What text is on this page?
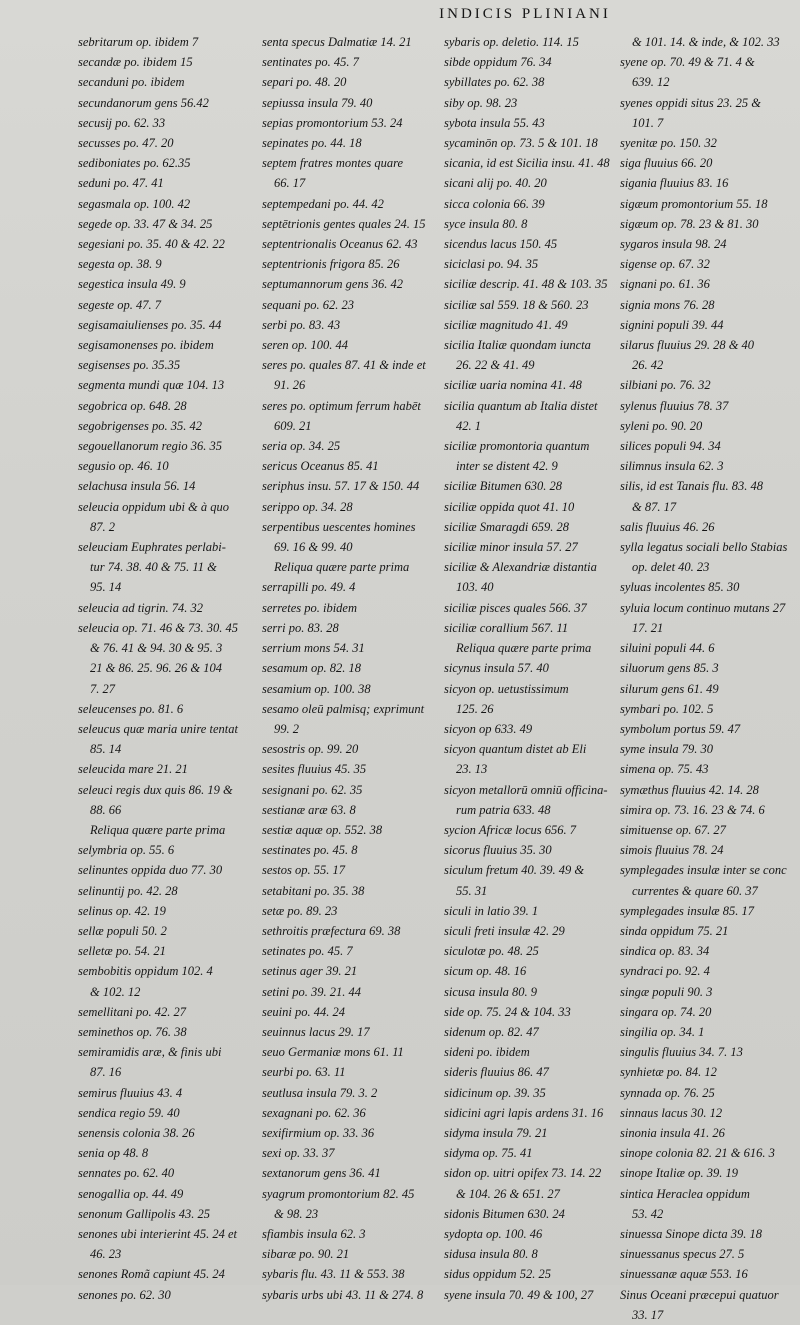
INDICIS PLINIANI
sebritarum op. ibidem 7
secandæ po. ibidem 15
secanduni po. ibidem
secundanorum gens 56.42
secusij po. 62. 33
secusses po. 47. 20
sediboniates po. 62.35
seduni po. 47. 41
segasmala op. 100. 42
segede op. 33. 47 & 34. 25
segesiani po. 35. 40 & 42. 22
segesta op. 38. 9
segestica insula 49. 9
segeste op. 47. 7
segisamaiulienses po. 35. 44
segisamonenses po. ibidem
segisenses po. 35.35
segmenta mundi quæ 104. 13
segobrica op. 648. 28
segobrigenses po. 35. 42
segouellanorum regio 36. 35
segusio op. 46. 10
selachusa insula 56. 14
seleucia oppidum ubi & à quo
87. 2
seleuciam Euphrates perlabi-
tur 74. 38. 40 & 75. 11 &
95. 14
seleucia ad tigrin. 74. 32
seleucia op. 71. 46 & 73. 30. 45
& 76. 41 & 94. 30 & 95. 3
21 & 86. 25. 96. 26 & 104
7. 27
seleucenses po. 81. 6
seleucus quæ maria unire tentat
85. 14
seleucida mare 21. 21
seleuci regis dux quis 86. 19 &
88. 66
Reliqua quære parte prima
selymbria op. 55. 6
selinuntes oppida duo 77. 30
selinuntij po. 42. 28
selinus op. 42. 19
sellæ populi 50. 2
selletæ po. 54. 21
sembobitis oppidum 102. 4
& 102. 12
semellitani po. 42. 27
seminethos op. 76. 38
semiramidis aræ, & finis ubi
87. 16
semirus fluuius 43. 4
sendica regio 59. 40
senensis colonia 38. 26
senia op 48. 8
sennates po. 62. 40
senogallia op. 44. 49
senonum Gallipolis 43. 25
senones ubi interierint 45. 24 et
46. 23
senones Romã capiunt 45. 24
senones po. 62. 30
senta specus Dalmatiæ 14. 21
sentinates po. 45. 7
separi po. 48. 20
sepiussa insula 79. 40
sepias promontorium 53. 24
sepinates po. 44. 18
septem fratres montes quare
66. 17
septempedani po. 44. 42
septētrionis gentes quales 24. 15
septentrionalis Oceanus 62. 43
septentrionis frigora 85. 26
septumannorum gens 36. 42
sequani po. 62. 23
serbi po. 83. 43
seren op. 100. 44
seres po. quales 87. 41 & inde et
91. 26
seres po. optimum ferrum habēt
609. 21
seria op. 34. 25
sericus Oceanus 85. 41
seriphus insu. 57. 17 & 150. 44
serippo op. 34. 28
serpentibus uescentes homines
69. 16 & 99. 40
Reliqua quære parte prima
serrapilli po. 49. 4
serretes po. ibidem
serri po. 83. 28
serrium mons 54. 31
sesamum op. 82. 18
sesamium op. 100. 38
sesamo oleū palmisq; exprimunt
99. 2
sesostris op. 99. 20
sesites fluuius 45. 35
sesignani po. 62. 35
sestianæ aræ 63. 8
sestiæ aquæ op. 552. 38
sestinates po. 45. 8
sestos op. 55. 17
setabitani po. 35. 38
setæ po. 89. 23
sethroitis præfectura 69. 38
setinates po. 45. 7
setinus ager 39. 21
setini po. 39. 21. 44
seuini po. 44. 24
seuinnus lacus 29. 17
seuo Germaniæ mons 61. 11
seurbi po. 63. 11
seutlusa insula 79. 3. 2
sexagnani po. 62. 36
sexifirmium op. 33. 36
sexi op. 33. 37
sextanorum gens 36. 41
syagrum promontorium 82. 45
& 98. 23
sfiambis insula 62. 3
sibaræ po. 90. 21
sybaris flu. 43. 11 & 553. 38
sybaris urbs ubi 43. 11 & 274. 8
sybaris op. deletio. 114. 15
sibde oppidum 76. 34
sybillates po. 62. 38
siby op. 98. 23
sybota insula 55. 43
sycaminōn op. 73. 5 & 101. 18
sicania, id est Sicilia insu. 41. 48
sicani alij po. 40. 20
sicca colonia 66. 39
syce insula 80. 8
sicendus lacus 150. 45
siciclasi po. 94. 35
siciliæ descrip. 41. 48 & 103. 35
siciliæ sal 559. 18 & 560. 23
siciliæ magnitudo 41. 49
sicilia Italiæ quondam iuncta
26. 22 & 41. 49
siciliæ uaria nomina 41. 48
sicilia quantum ab Italia distet
42. 1
siciliæ promontoria quantum
inter se distent 42. 9
siciliæ Bitumen 630. 28
siciliæ oppida quot 41. 10
siciliæ Smaragdi 659. 28
siciliæ minor insula 57. 27
siciliæ & Alexandriæ distantia
103. 40
siciliæ pisces quales 566. 37
siciliæ corallium 567. 11
Reliqua quære parte prima
sicynus insula 57. 40
sicyon op. uetustissimum
125. 26
sicyon op 633. 49
sicyon quantum distet ab Eli
23. 13
sicyon metallorū omniū officina-
rum patria 633. 48
sycion Africæ locus 656. 7
sicorus fluuius 35. 30
siculum fretum 40. 39. 49 &
55. 31
siculi in latio 39. 1
siculi freti insulæ 42. 29
siculotæ po. 48. 25
sicum op. 48. 16
sicusa insula 80. 9
side op. 75. 24 & 104. 33
sidenum op. 82. 47
sideni po. ibidem
sideris fluuius 86. 47
sidicinum op. 39. 35
sidicini agri lapis ardens 31. 16
sidyma insula 79. 21
sidyma op. 75. 41
sidon op. uitri opifex 73. 14. 22
& 104. 26 & 651. 27
sidonis Bitumen 630. 24
sydopta op. 100. 46
sidusa insula 80. 8
sidus oppidum 52. 25
syene insula 70. 49 & 100, 27
& 101. 14. & inde, & 102. 33
syene op. 70. 49 & 71. 4 &
639. 12
syenes oppidi situs 23. 25 &
101. 7
syenitæ po. 150. 32
siga fluuius 66. 20
sigania fluuius 83. 16
sigæum promontorium 55. 18
sigæum op. 78. 23 & 81. 30
sygaros insula 98. 24
sigense op. 67. 32
signani po. 61. 36
signia mons 76. 28
signini populi 39. 44
silarus fluuius 29. 28 & 40
26. 42
silbiani po. 76. 32
sylenus fluuius 78. 37
syleni po. 90. 20
silices populi 94. 34
silimnus insula 62. 3
silis, id est Tanais flu. 83. 48
& 87. 17
salis fluuius 46. 26
sylla legatus sociali bello Stabias
op. delet 40. 23
syluas incolentes 85. 30
syluia locum continuo mutans 27
17. 21
siluini populi 44. 6
siluorum gens 85. 3
silurum gens 61. 49
symbari po. 102. 5
symbolum portus 59. 47
syme insula 79. 30
simena op. 75. 43
symæthus fluuius 42. 14. 28
simira op. 73. 16. 23 & 74. 6
simituense op. 67. 27
simois fluuius 78. 24
symplegades insulæ inter se conc
currentes & quare 60. 37
symplegades insulæ 85. 17
sinda oppidum 75. 21
sindica op. 83. 34
syndraci po. 92. 4
singæ populi 90. 3
singara op. 74. 20
singilia op. 34. 1
singulis fluuius 34. 7. 13
synhietæ po. 84. 12
synnada op. 76. 25
sinnaus lacus 30. 12
sinonia insula 41. 26
sinope colonia 82. 21 & 616. 3
sinope Italiæ op. 39. 19
sintica Heraclea oppidum
53. 42
sinuessa Sinope dicta 39. 18
sinuessanus specus 27. 5
sinuessanæ aquæ 553. 16
Sinus Oceani præcepui quatuor
33. 17
